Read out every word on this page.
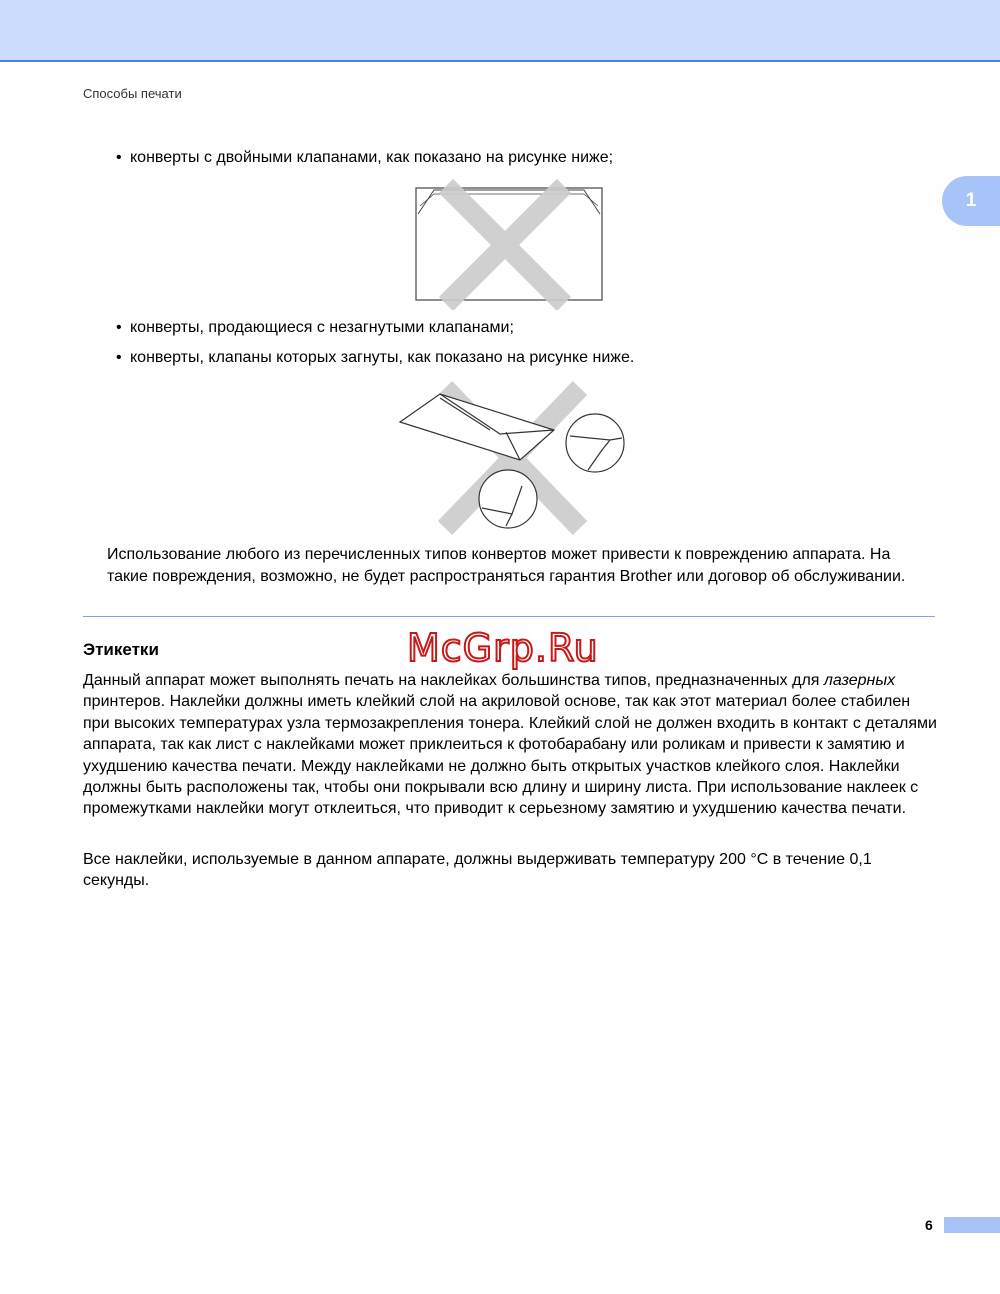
Способы печати
1
• конверты с двойными клапанами, как показано на рисунке ниже;
• конверты, продающиеся с незагнутыми клапанами;
• конверты, клапаны которых загнуты, как показано на рисунке ниже.
Использование любого из перечисленных типов конвертов может привести к повреждению аппарата. На такие повреждения, возможно, не будет распространяться гарантия Brother или договор об обслуживании.
Этикетки	McGrp.Ru

Данный аппарат может выполнять печать на наклейках большинства типов, предназначенных для лазерных принтеров. Наклейки должны иметь клейкий слой на акриловой основе, так как этот материал более стабилен при высоких температурах узла термозакрепления тонера. Клейкий слой не должен входить в контакт с деталями аппарата, так как лист с наклейками может приклеиться к фотобарабану или роликам и привести к замятию и ухудшению качества печати. Между наклейками не должно быть открытых участков клейкого слоя. Наклейки должны быть расположены так, чтобы они покрывали всю длину и ширину листа. При использование наклеек с промежутками наклейки могут отклеиться, что приводит к серьезному замятию и ухудшению качества печати.

Все наклейки, используемые в данном аппарате, должны выдерживать температуру 200 °C в течение 0,1 секунды.

6
